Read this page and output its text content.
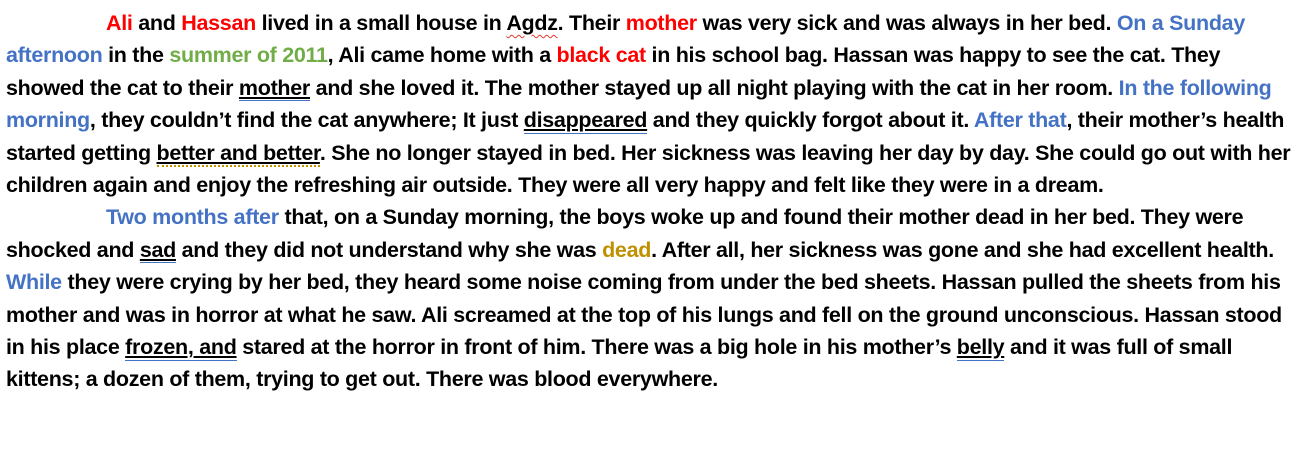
Ali and Hassan lived in a small house in Agdz. Their mother was very sick and was always in her bed. On a Sunday afternoon in the summer of 2011, Ali came home with a black cat in his school bag. Hassan was happy to see the cat. They showed the cat to their mother and she loved it. The mother stayed up all night playing with the cat in her room. In the following morning, they couldn’t find the cat anywhere; It just disappeared and they quickly forgot about it. After that, their mother’s health started getting better and better. She no longer stayed in bed. Her sickness was leaving her day by day. She could go out with her children again and enjoy the refreshing air outside. They were all very happy and felt like they were in a dream.

Two months after that, on a Sunday morning, the boys woke up and found their mother dead in her bed. They were shocked and sad and they did not understand why she was dead. After all, her sickness was gone and she had excellent health. While they were crying by her bed, they heard some noise coming from under the bed sheets. Hassan pulled the sheets from his mother and was in horror at what he saw. Ali screamed at the top of his lungs and fell on the ground unconscious. Hassan stood in his place frozen, and stared at the horror in front of him. There was a big hole in his mother’s belly and it was full of small kittens; a dozen of them, trying to get out. There was blood everywhere.
